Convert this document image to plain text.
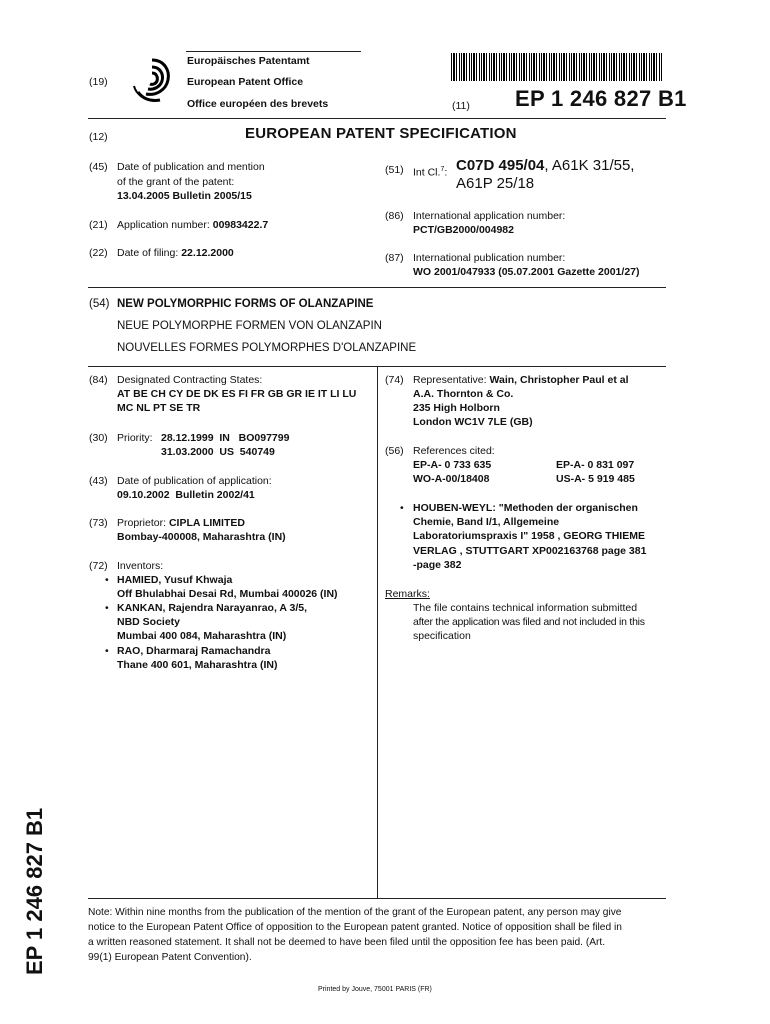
(19)
Europäisches Patentamt
European Patent Office
Office européen des brevets	(11) EP 1 246 827 B1
(12)	EUROPEAN PATENT SPECIFICATION
(45) Date of publication and mention
of the grant of the patent:
13.04.2005 Bulletin 2005/15
(21) Application number: 00983422.7
(22) Date of filing: 22.12.2000
(51) Int Cl.$^7$: C07D 495/04, A61K 31/55,
A61P 25/18
(86) International application number:
PCT/GB2000/004982
(87) International publication number:
WO 2001/047933 (05.07.2001 Gazette 2001/27)
(54) NEW POLYMORPHIC FORMS OF OLANZAPINE
NEUE POLYMORPHE FORMEN VON OLANZAPIN
NOUVELLES FORMES POLYMORPHES D'OLANZAPINE
(84) Designated Contracting States:
AT BE CH CY DE DK ES FI FR GB GR IE IT LI LU
MC NL PT SE TR
(30) Priority: 28.12.1999  IN   BO097799
31.03.2000  US  540749
(43) Date of publication of application:
09.10.2002  Bulletin 2002/41
(73) Proprietor: CIPLA LIMITED
Bombay-400008, Maharashtra (IN)
(72) Inventors:
• HAMIED, Yusuf Khwaja
Off Bhulabhai Desai Rd, Mumbai 400026 (IN)
• KANKAN, Rajendra Narayanrao, A 3/5,
NBD Society
Mumbai 400 084, Maharashtra (IN)
• RAO, Dharmaraj Ramachandra
Thane 400 601, Maharashtra (IN)
(74) Representative: Wain, Christopher Paul et al
A.A. Thornton & Co.
235 High Holborn
London WC1V 7LE (GB)
(56) References cited:
EP-A- 0 733 635	EP-A- 0 831 097
WO-A-00/18408	US-A- 5 919 485
• HOUBEN-WEYL: "Methoden der organischen
Chemie, Band I/1, Allgemeine
Laboratoriumspraxis I" 1958 , GEORG THIEME
VERLAG , STUTTGART XP002163768 page 381
-page 382
Remarks:
The file contains technical information submitted
after the application was filed and not included in this
specification
EP 1 246 827 B1	Note: Within nine months from the publication of the mention of the grant of the European patent, any person may give
notice to the European Patent Office of opposition to the European patent granted. Notice of opposition shall be filed in
a written reasoned statement. It shall not be deemed to have been filed until the opposition fee has been paid. (Art.
99(1) European Patent Convention).
Printed by Jouve, 75001 PARIS (FR)
